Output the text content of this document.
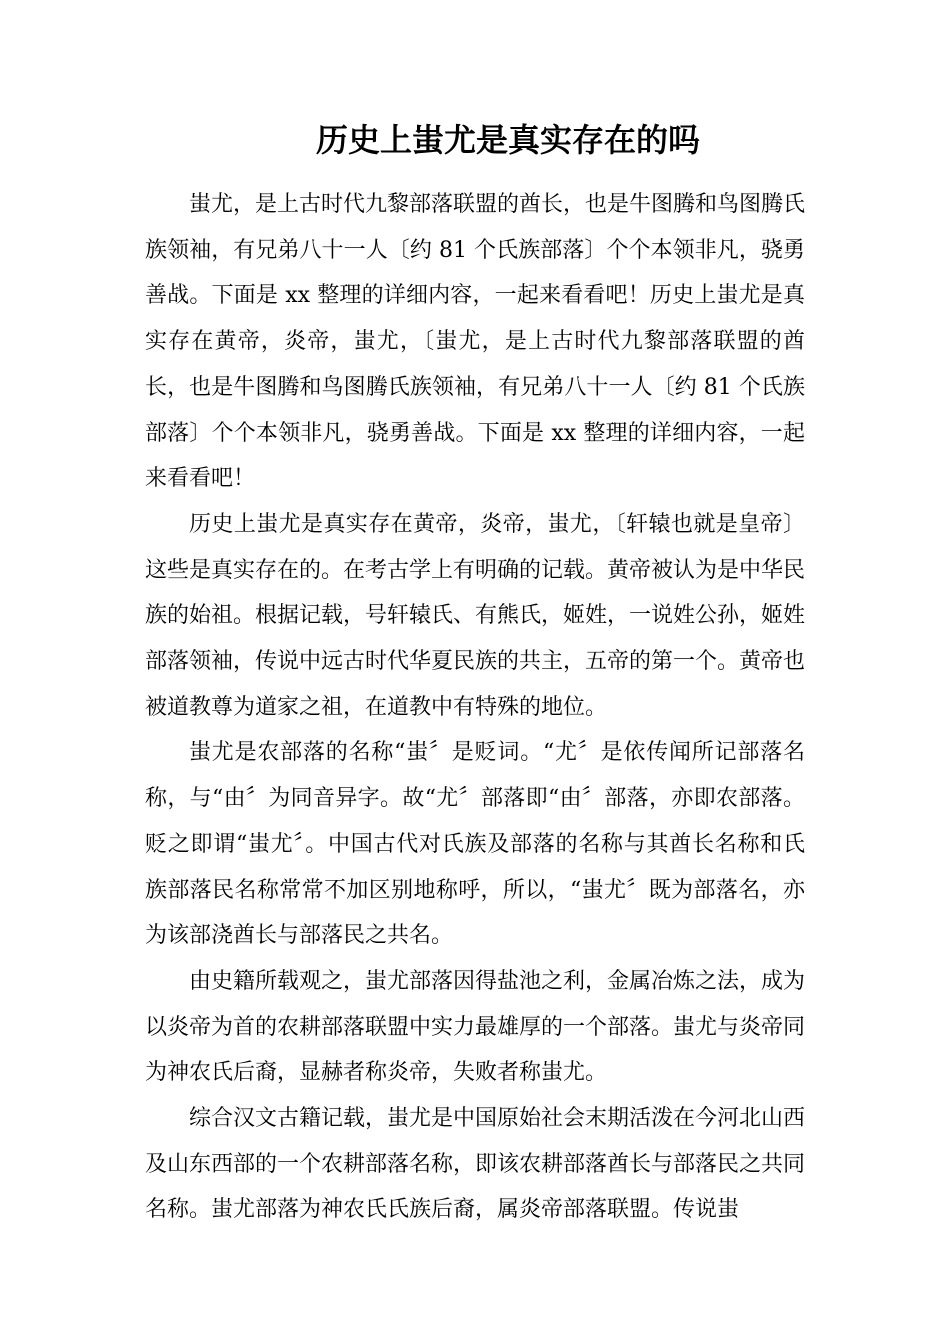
历史上蚩尤是真实存在的吗

蚩尤，是上古时代九黎部落联盟的酋长，也是牛图腾和鸟图腾氏族领袖，有兄弟八十一人〔约 81 个氏族部落〕个个本领非凡，骁勇善战。下面是 xx 整理的详细内容，一起来看看吧！历史上蚩尤是真实存在黄帝，炎帝，蚩尤，〔蚩尤，是上古时代九黎部落联盟的酋长，也是牛图腾和鸟图腾氏族领袖，有兄弟八十一人〔约 81 个氏族部落〕个个本领非凡，骁勇善战。下面是 xx 整理的详细内容，一起来看看吧！

历史上蚩尤是真实存在黄帝，炎帝，蚩尤，〔轩辕也就是皇帝〕这些是真实存在的。在考古学上有明确的记载。黄帝被认为是中华民族的始祖。根据记载，号轩辕氏、有熊氏，姬姓，一说姓公孙，姬姓部落领袖，传说中远古时代华夏民族的共主，五帝的第一个。黄帝也被道教尊为道家之祖，在道教中有特殊的地位。

蚩尤是农部落的名称“蚩〞是贬词。“尤〞是依传闻所记部落名称，与“由〞为同音异字。故“尤〞部落即“由〞部落，亦即农部落。贬之即谓“蚩尤〞。中国古代对氏族及部落的名称与其酋长名称和氏族部落民名称常常不加区别地称呼，所以，“蚩尤〞既为部落名，亦为该部浇酋长与部落民之共名。

由史籍所载观之，蚩尤部落因得盐池之利，金属冶炼之法，成为以炎帝为首的农耕部落联盟中实力最雄厚的一个部落。蚩尤与炎帝同为神农氏后裔，显赫者称炎帝，失败者称蚩尤。

综合汉文古籍记载，蚩尤是中国原始社会末期活泼在今河北山西及山东西部的一个农耕部落名称，即该农耕部落酋长与部落民之共同名称。蚩尤部落为神农氏氏族后裔，属炎帝部落联盟。传说蚩
